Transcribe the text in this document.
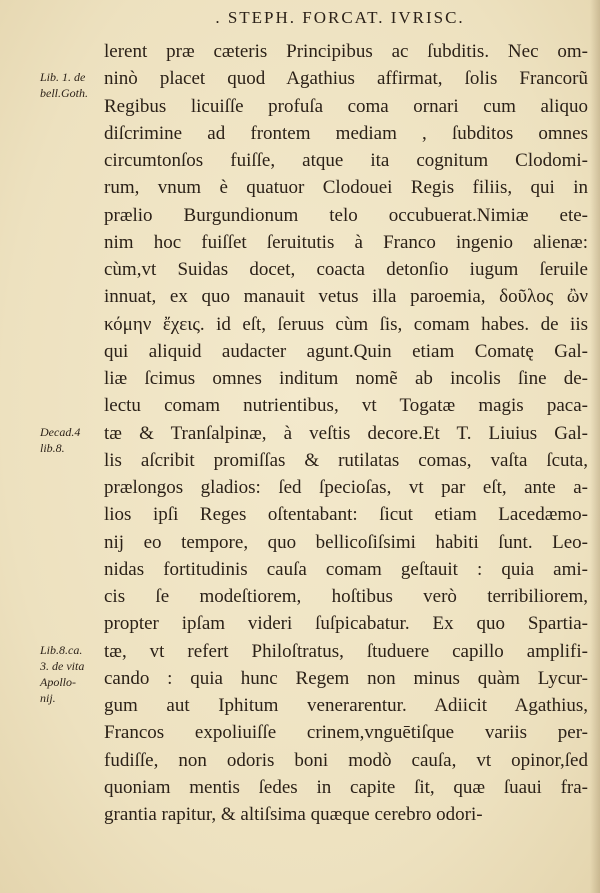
. STEPH. FORCAT. IVRISC.
Lib. 1. de
bell.Goth.
Decad.4
lib.8.
Lib.8.ca.
3. de vita
Apollo-
nij.
lerent præ cæteris Principibus ac ſubditis. Nec om-
ninò placet quod Agathius affirmat, ſolis Francorũ
Regibus licuiſſe profuſa coma ornari cum aliquo
diſcrimine ad frontem mediam , ſubditos omnes
circumtonſos fuiſſe, atque ita cognitum Clodomi-
rum, vnum è quatuor Clodouei Regis filiis, qui in
prælio Burgundionum telo occubuerat.Nimiæ ete-
nim hoc fuiſſet ſeruitutis à Franco ingenio alienæ:
cùm,vt Suidas docet, coacta detonſio iugum ſeruile
innuat, ex quo manauit vetus illa paroemia, δοῦλος ὢν
κόμην ἔχεις. id eſt, ſeruus cùm ſis, comam habes. de iis
qui aliquid audacter agunt.Quin etiam Comatę Gal-
liæ ſcimus omnes inditum nomẽ ab incolis ſine de-
lectu comam nutrientibus, vt Togatæ magis paca-
tæ & Tranſalpinæ, à veſtis decore.Et T. Liuius Gal-
lis aſcribit promiſſas & rutilatas comas, vaſta ſcuta,
prælongos gladios: ſed ſpecioſas, vt par eſt, ante a-
lios ipſi Reges oſtentabant: ſicut etiam Lacedæmo-
nij eo tempore, quo bellicoſiſsimi habiti ſunt. Leo-
nidas fortitudinis cauſa comam geſtauit : quia ami-
cis ſe modeſtiorem, hoſtibus verò terribiliorem,
propter ipſam videri ſuſpicabatur. Ex quo Spartia-
tæ, vt refert Philoſtratus, ſtuduere capillo amplifi-
cando : quia hunc Regem non minus quàm Lycur-
gum aut Iphitum venerarentur. Adiicit Agathius,
Francos expoliuiſſe crinem,vnguētiſque variis per-
fudiſſe, non odoris boni modò cauſa, vt opinor,ſed
quoniam mentis ſedes in capite ſit, quæ ſuaui fra-
grantia rapitur, & altiſsima quæque cerebro odori-
